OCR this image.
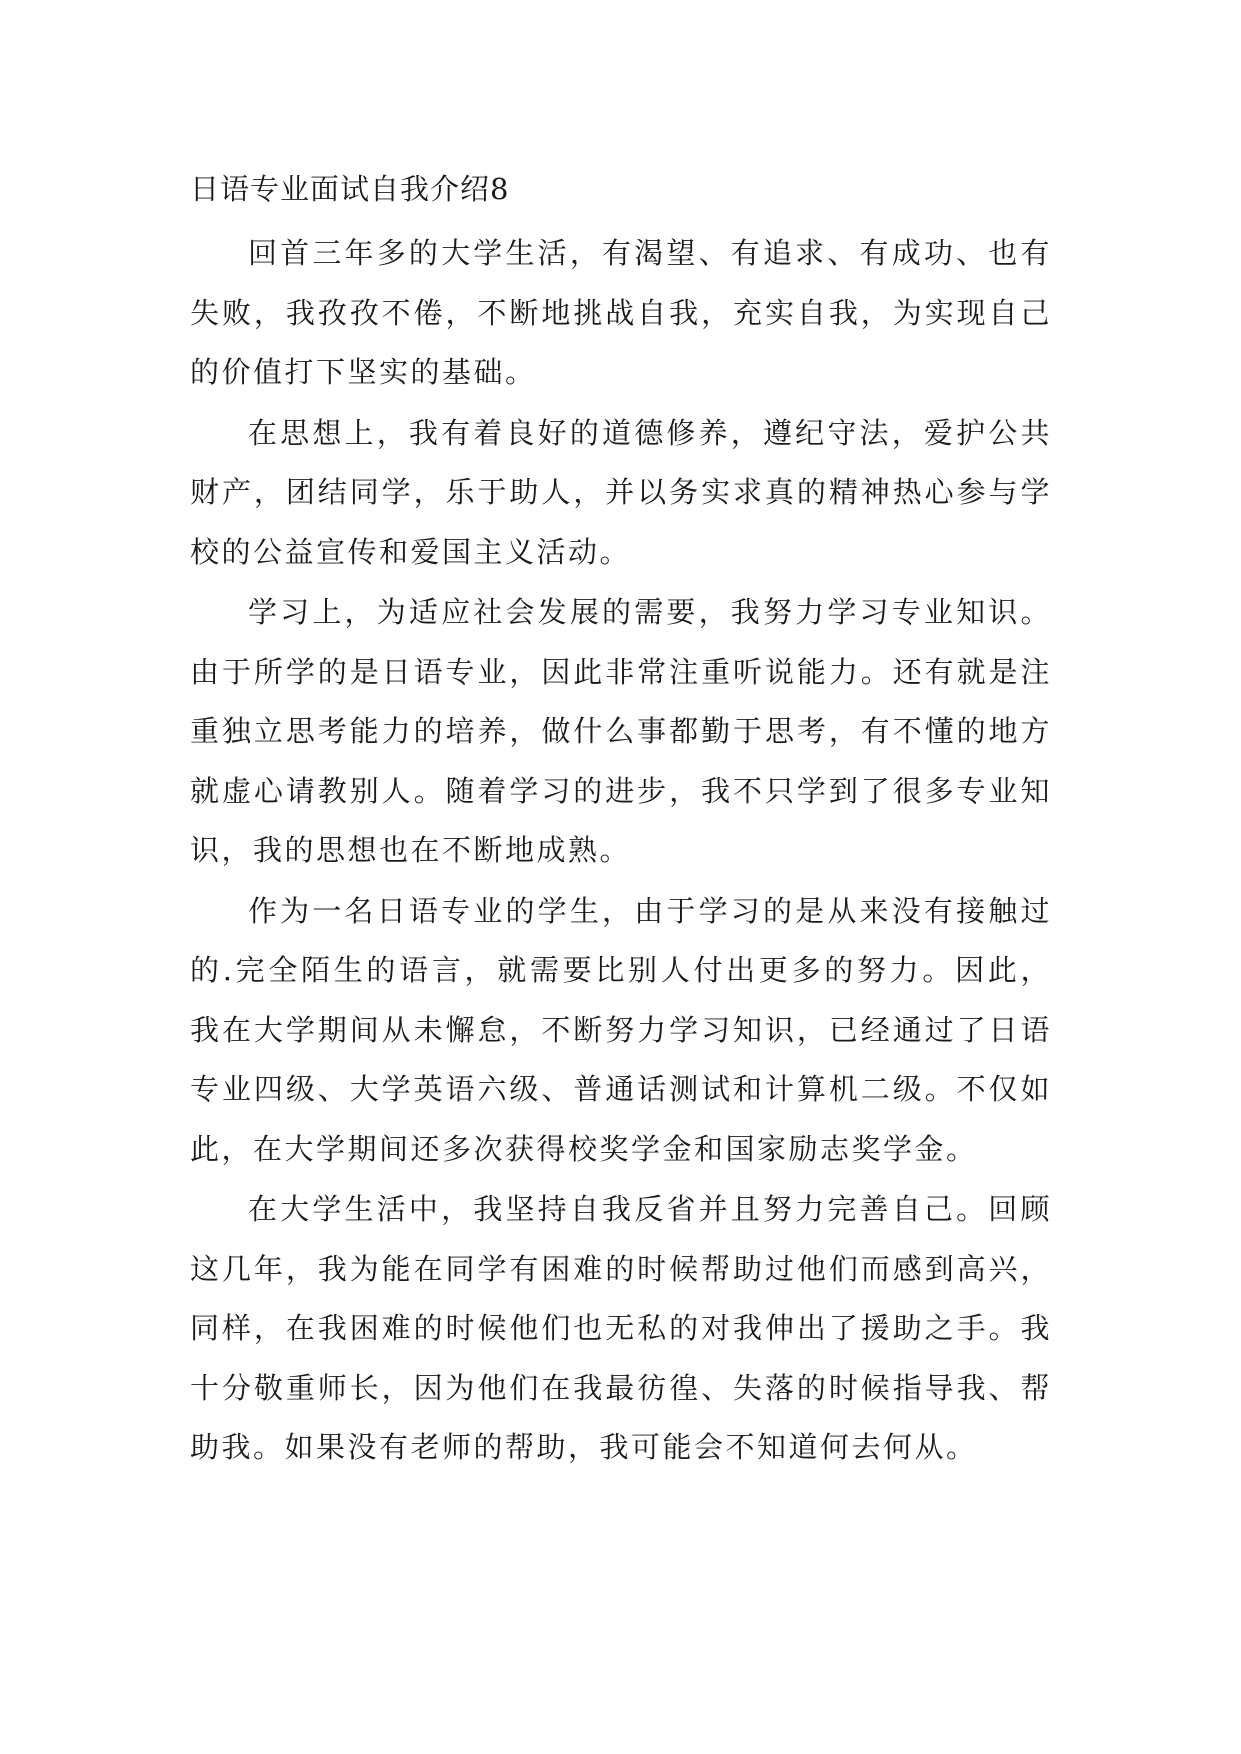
日语专业面试自我介绍8

回首三年多的大学生活，有渴望、有追求、有成功、也有失败，我孜孜不倦，不断地挑战自我，充实自我，为实现自己的价值打下坚实的基础。

在思想上，我有着良好的道德修养，遵纪守法，爱护公共财产，团结同学，乐于助人，并以务实求真的精神热心参与学校的公益宣传和爱国主义活动。

学习上，为适应社会发展的需要，我努力学习专业知识。由于所学的是日语专业，因此非常注重听说能力。还有就是注重独立思考能力的培养，做什么事都勤于思考，有不懂的地方就虚心请教别人。随着学习的进步，我不只学到了很多专业知识，我的思想也在不断地成熟。

作为一名日语专业的学生，由于学习的是从来没有接触过的.完全陌生的语言，就需要比别人付出更多的努力。因此，我在大学期间从未懈怠，不断努力学习知识，已经通过了日语专业四级、大学英语六级、普通话测试和计算机二级。不仅如此，在大学期间还多次获得校奖学金和国家励志奖学金。

在大学生活中，我坚持自我反省并且努力完善自己。回顾这几年，我为能在同学有困难的时候帮助过他们而感到高兴，同样，在我困难的时候他们也无私的对我伸出了援助之手。我十分敬重师长，因为他们在我最彷徨、失落的时候指导我、帮助我。如果没有老师的帮助，我可能会不知道何去何从。
